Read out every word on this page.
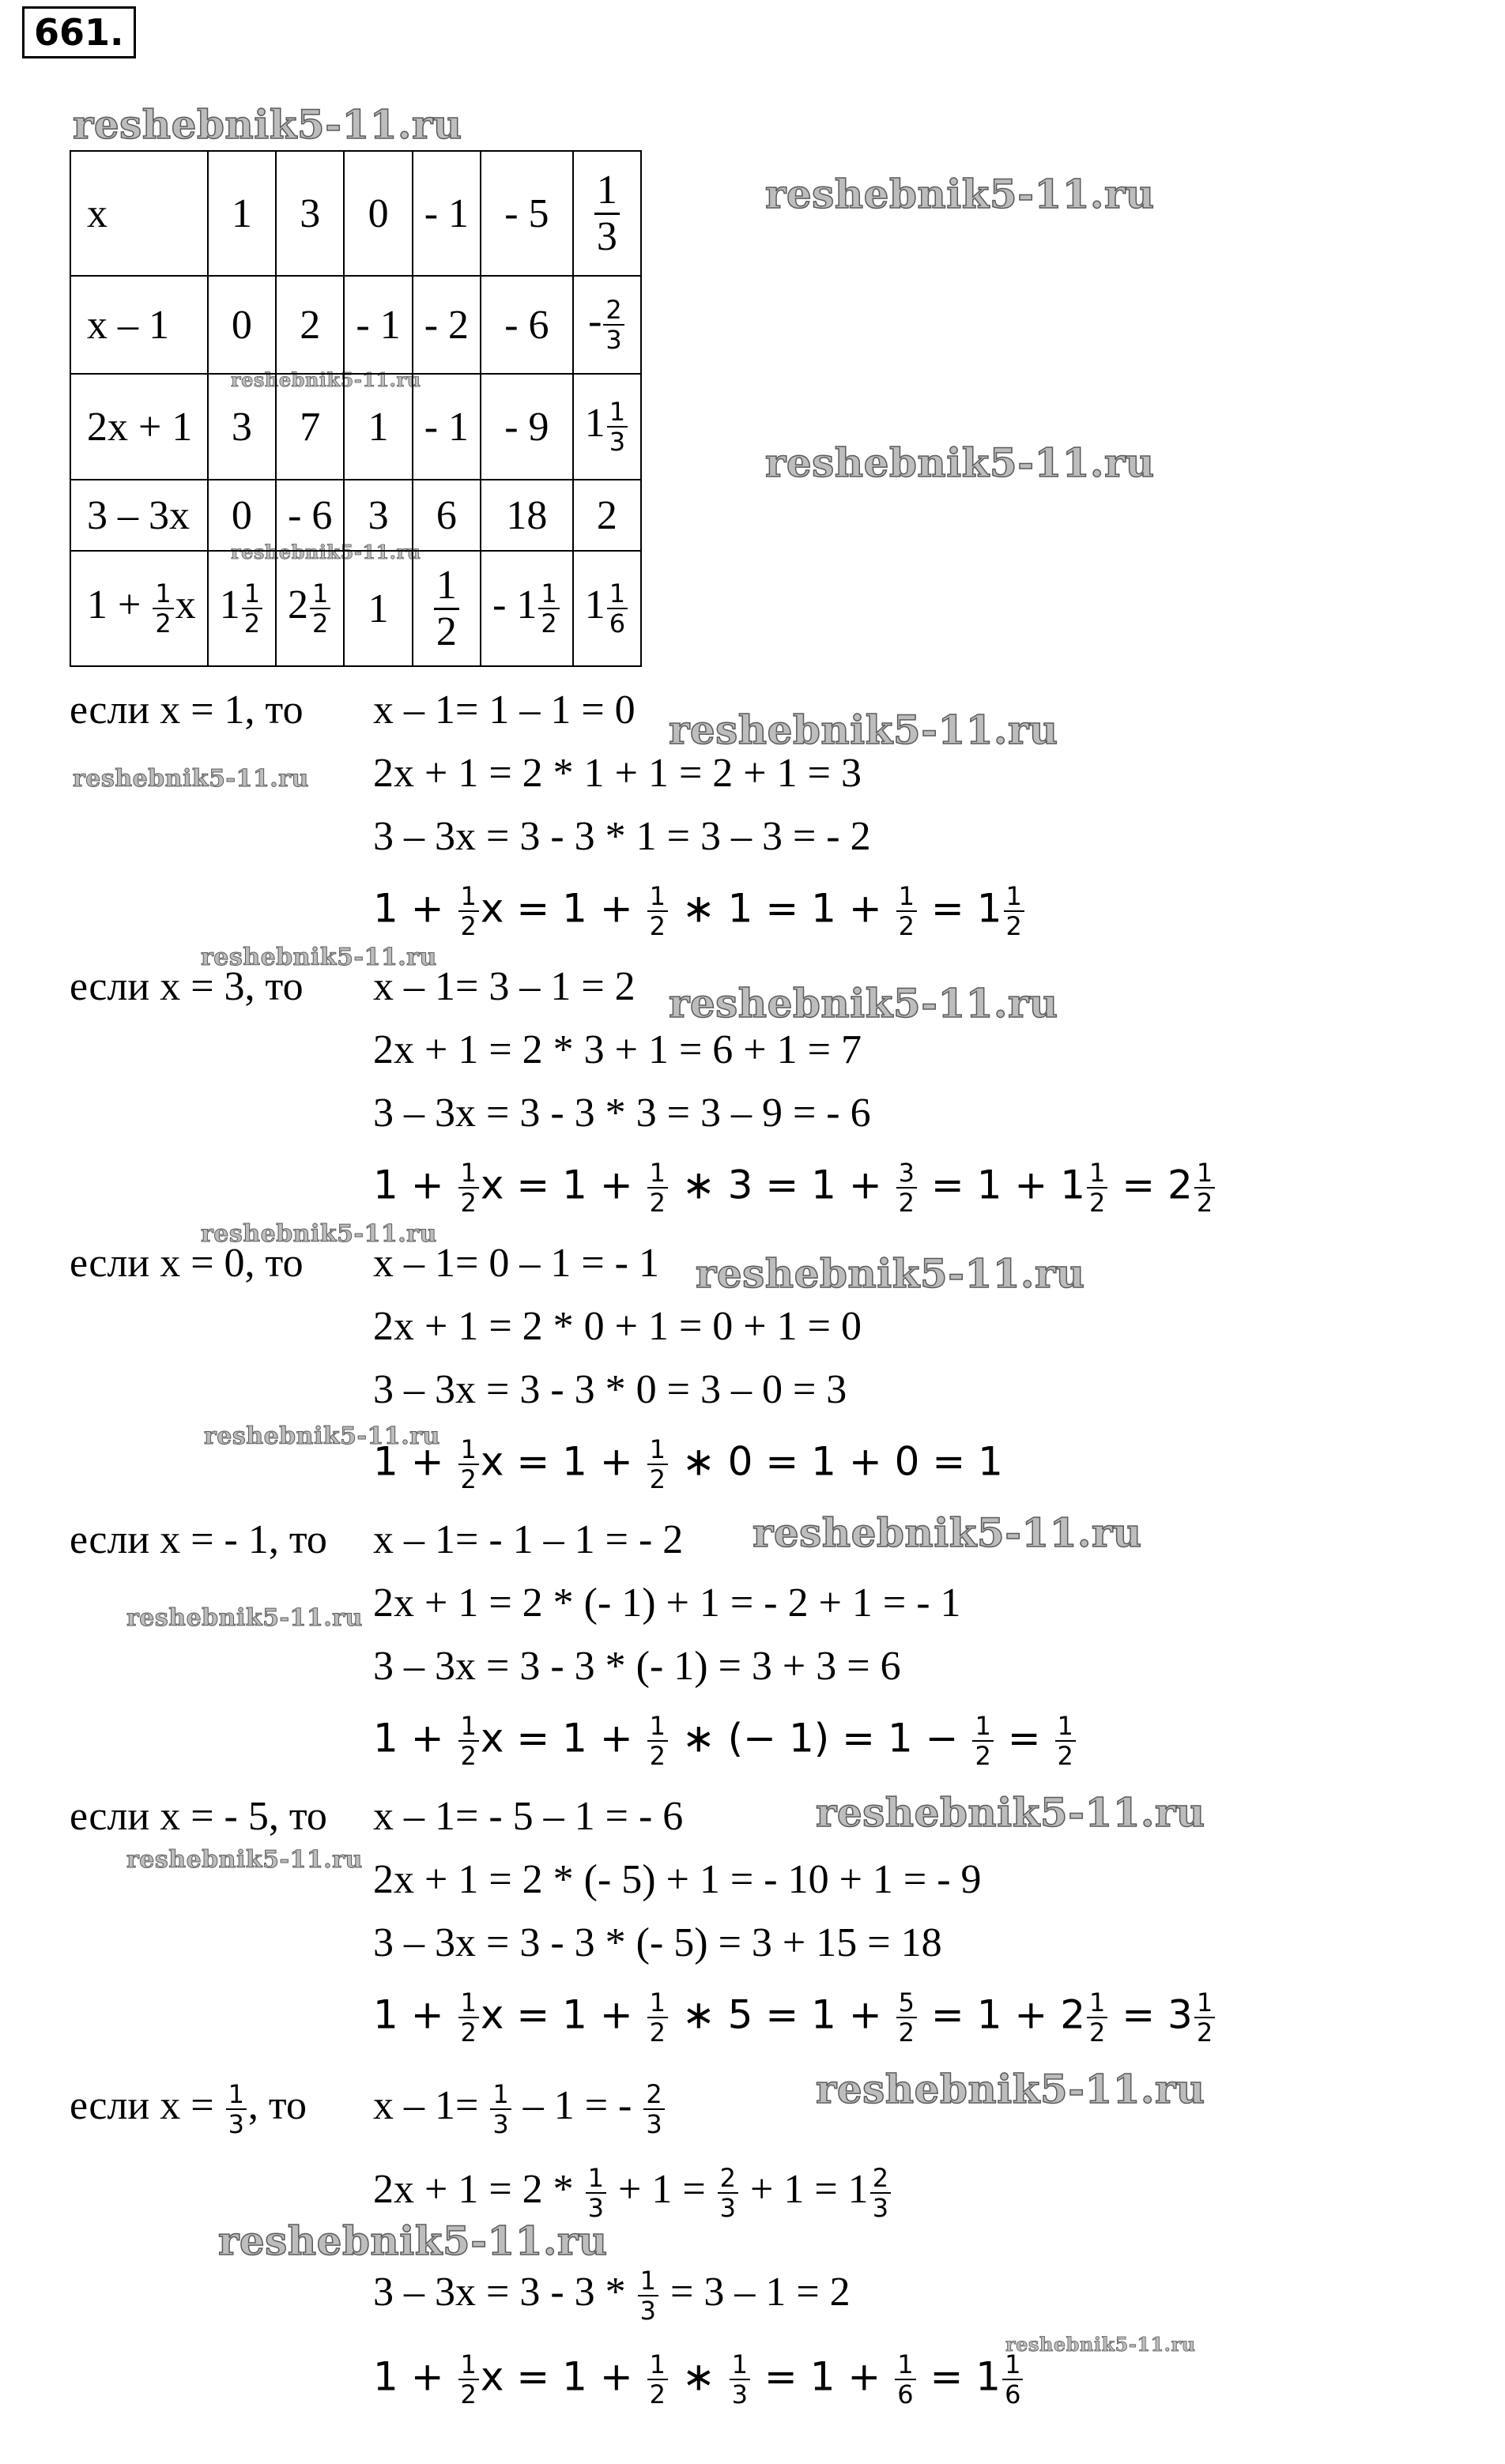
661.
reshebnik5-11.ru
reshebnik5-11.ru
reshebnik5-11.ru
reshebnik5-11.ru
reshebnik5-11.ru
reshebnik5-11.ru
reshebnik5-11.ru
reshebnik5-11.ru
reshebnik5-11.ru
reshebnik5-11.ru
reshebnik5-11.ru
reshebnik5-11.ru
reshebnik5-11.ru
reshebnik5-11.ru
reshebnik5-11.ru
reshebnik5-11.ru
reshebnik5-11.ru
reshebnik5-11.ru
reshebnik5-11.ru
x	1	3	0	- 1	- 5	$\frac{1}{3}$

x – 1	0	2	- 1	- 2	- 6	- $\frac{2}{3}$

2x + 1	3	7	1	- 1	- 9	$1 \frac{1}{3}$

3 – 3x	0	- 6	3	6	18	2
$1 + \frac{1}{2}$ x	$1 \frac{1}{2}$	$2 \frac{1}{2}$	1	$\frac{1}{2}$	- $1 \frac{1}{2}$	$1 \frac{1}{6}$
если x = 1, то x – 1= 1 – 1 = 0
2x + 1 = 2 * 1 + 1 = 2 + 1 = 3
3 – 3x = 3 - 3 * 1 = 3 – 3 = - 2
$1 + \frac{1}{2}$ $x = 1 + \frac{1}{2}$ ∗ $1 = 1 + \frac{1}{2} = 1 \frac{1}{2}$
если x = 3, то x – 1= 3 – 1 = 2
2x + 1 = 2 * 3 + 1 = 6 + 1 = 7
3 – 3x = 3 - 3 * 3 = 3 – 9 = - 6
$1 + \frac{1}{2}$ $x = 1 + \frac{1}{2}$ ∗ $3 = 1 + \frac{3}{2} = 1 + 1 \frac{1}{2} = 2 \frac{1}{2}$
если x = 0, то x – 1= 0 – 1 = - 1
2x + 1 = 2 * 0 + 1 = 0 + 1 = 0
3 – 3x = 3 - 3 * 0 = 3 – 0 = 3
$1 + \frac{1}{2}$ $x = 1 + \frac{1}{2}$ ∗ 0 = 1 + 0 = 1
если x = - 1, то x – 1= - 1 – 1 = - 2
2x + 1 = 2 * (- 1) + 1 = - 2 + 1 = - 1
3 – 3x = 3 - 3 * (- 1) = 3 + 3 = 6
$1 + \frac{1}{2}$ $x = 1 + \frac{1}{2}$ ∗ (− $1) = 1 - \frac{1}{2} = \frac{1}{2}$
если x = - 5, то x – 1= - 5 – 1 = - 6
2x + 1 = 2 * (- 5) + 1 = - 10 + 1 = - 9
3 – 3x = 3 - 3 * (- 5) = 3 + 15 = 18
$1 + \frac{1}{2}$ $x = 1 + \frac{1}{2}$ ∗ $5 = 1 + \frac{5}{2} = 1 + 2 \frac{1}{2} = 3 \frac{1}{2}$
если $x = \frac{1}{3}$ , то $x - 1= \frac{1}{3} - 1$ = - $\frac{2}{3}$
$2x + 1 = 2 * \frac{1}{3} + 1 = \frac{2}{3} + 1 = 1 \frac{2}{3}$
$3 - 3x = 3 - 3 * \frac{1}{3} = 3 - 1 = 2$
$1 + \frac{1}{2}$ $x = 1 + \frac{1}{2}$ ∗ $\frac{1}{3} = 1 + \frac{1}{6} = 1 \frac{1}{6}$
